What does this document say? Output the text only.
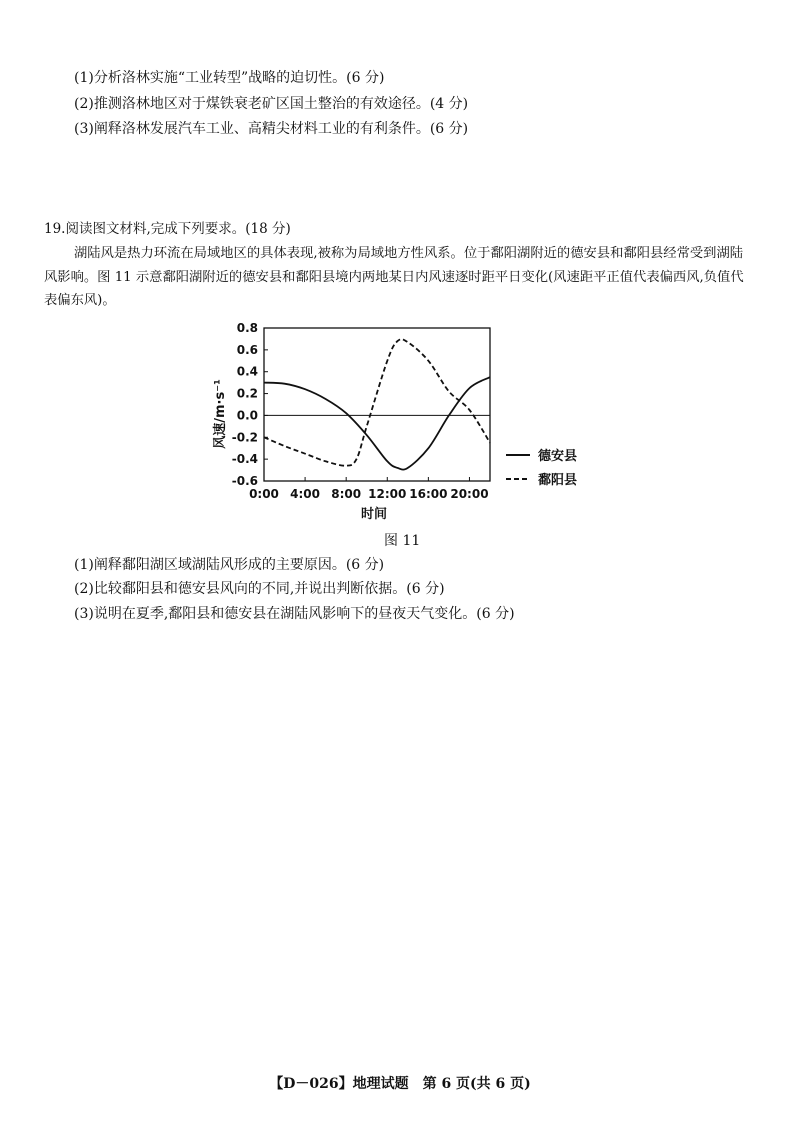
(1)分析洛林实施“工业转型”战略的迫切性。(6 分)
(2)推测洛林地区对于煤铁衰老矿区国土整治的有效途径。(4 分)
(3)阐释洛林发展汽车工业、高精尖材料工业的有利条件。(6 分)
19.阅读图文材料,完成下列要求。(18 分)
湖陆风是热力环流在局域地区的具体表现,被称为局域地方性风系。位于鄱阳湖附近的德安县和鄱阳县经常受到湖陆风影响。图 11 示意鄱阳湖附近的德安县和鄱阳县境内两地某日内风速逐时距平日变化(风速距平正值代表偏西风,负值代表偏东风)。
0.8
0.6
0.4
0.2
0.0
-0.2
-0.4
-0.6
0:00 4:00 8:00 12:00 16:00 20:00
风速/m·s⁻¹
时间
德安县
鄱阳县
图 11
(1)阐释鄱阳湖区域湖陆风形成的主要原因。(6 分)
(2)比较鄱阳县和德安县风向的不同,并说出判断依据。(6 分)
(3)说明在夏季,鄱阳县和德安县在湖陆风影响下的昼夜天气变化。(6 分)
【D－026】地理试题　第 6 页(共 6 页)
